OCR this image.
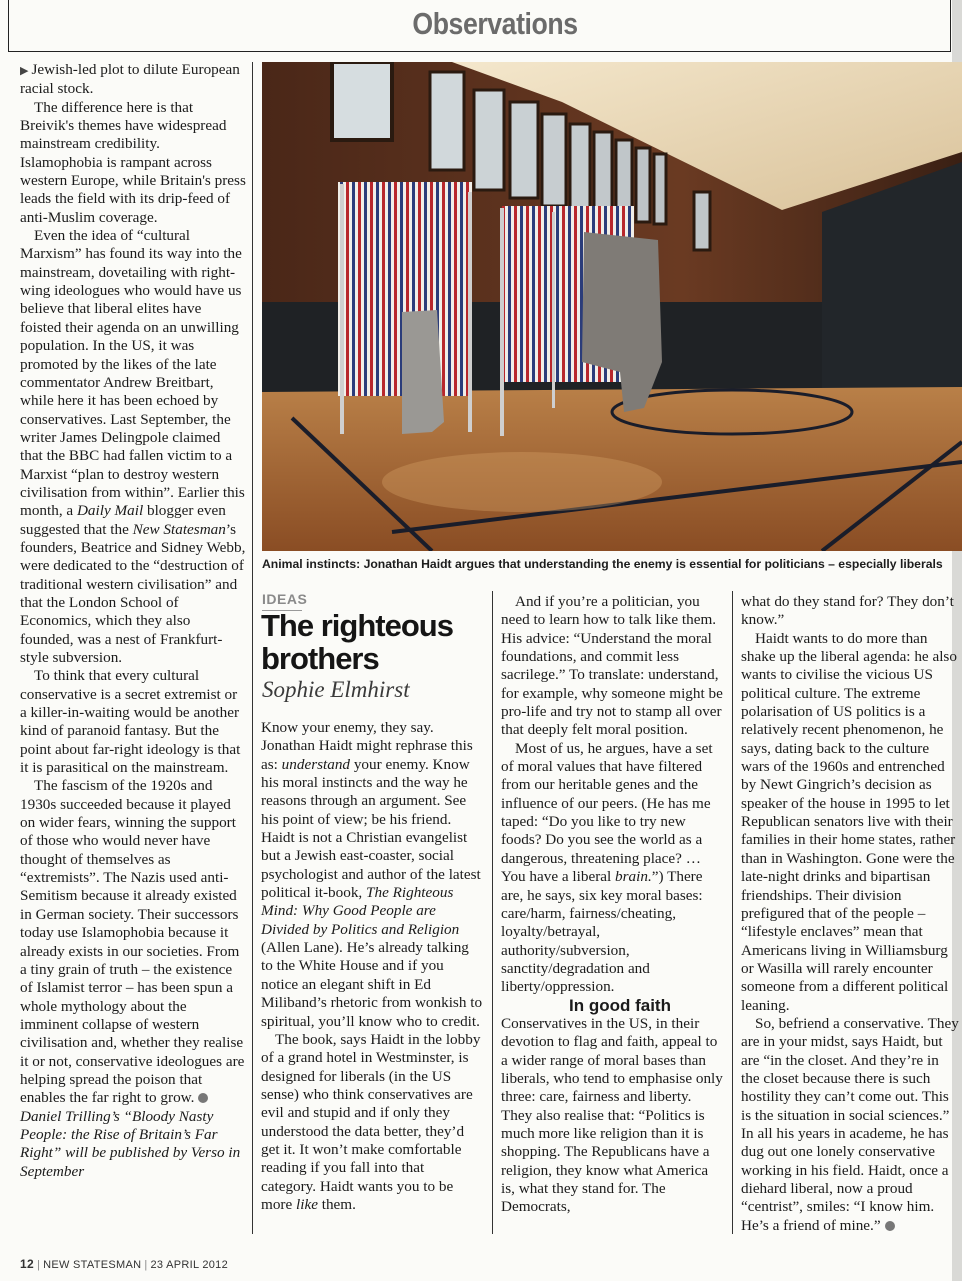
Observations

▶ Jewish-led plot to dilute European racial stock.

The difference here is that Breivik's themes have widespread mainstream credibility. Islamophobia is rampant across western Europe, while Britain's press leads the field with its drip-feed of anti-Muslim coverage.

Even the idea of “cultural Marxism” has found its way into the mainstream, dovetailing with right-wing ideologues who would have us believe that liberal elites have foisted their agenda on an unwilling population. In the US, it was promoted by the likes of the late commentator Andrew Breitbart, while here it has been echoed by conservatives. Last September, the writer James Delingpole claimed that the BBC had fallen victim to a Marxist “plan to destroy western civilisation from within”. Earlier this month, a Daily Mail blogger even suggested that the New Statesman’s founders, Beatrice and Sidney Webb, were dedicated to the “destruction of traditional western civilisation” and that the London School of Economics, which they also founded, was a nest of Frankfurt-style subversion.

To think that every cultural conservative is a secret extremist or a killer-in-waiting would be another kind of paranoid fantasy. But the point about far-right ideology is that it is parasitical on the mainstream.

The fascism of the 1920s and 1930s succeeded because it played on wider fears, winning the support of those who would never have thought of themselves as “extremists”. The Nazis used anti-Semitism because it already existed in German society. Their successors today use Islamophobia because it already exists in our societies. From a tiny grain of truth – the existence of Islamist terror – has been spun a whole mythology about the imminent collapse of western civilisation and, whether they realise it or not, conservative ideologues are helping spread the poison that enables the far right to grow.

Daniel Trilling’s “Bloody Nasty People: the Rise of Britain’s Far Right” will be published by Verso in September

Animal instincts: Jonathan Haidt argues that understanding the enemy is essential for politicians – especially liberals
IDEAS
The righteous brothers
Sophie Elmhirst

Know your enemy, they say. Jonathan Haidt might rephrase this as: understand your enemy. Know his moral instincts and the way he reasons through an argument. See his point of view; be his friend. Haidt is not a Christian evangelist but a Jewish east-coaster, social psychologist and author of the latest political it-book, The Righteous Mind: Why Good People are Divided by Politics and Religion (Allen Lane). He’s already talking to the White House and if you notice an elegant shift in Ed Miliband’s rhetoric from wonkish to spiritual, you’ll know who to credit.

The book, says Haidt in the lobby of a grand hotel in Westminster, is designed for liberals (in the US sense) who think conservatives are evil and stupid and if only they understood the data better, they’d get it. It won’t make comfortable reading if you fall into that category. Haidt wants you to be more like them.

And if you’re a politician, you need to learn how to talk like them. His advice: “Understand the moral foundations, and commit less sacrilege.” To translate: understand, for example, why someone might be pro-life and try not to stamp all over that deeply felt moral position.

Most of us, he argues, have a set of moral values that have filtered from our heritable genes and the influence of our peers. (He has me taped: “Do you like to try new foods? Do you see the world as a dangerous, threatening place? … You have a liberal brain.”) There are, he says, six key moral bases: care/harm, fairness/cheating, loyalty/betrayal, authority/subversion, sanctity/degradation and liberty/oppression.

In good faith

Conservatives in the US, in their devotion to flag and faith, appeal to a wider range of moral bases than liberals, who tend to emphasise only three: care, fairness and liberty. They also realise that: “Politics is much more like religion than it is shopping. The Republicans have a religion, they know what America is, what they stand for. The Democrats,

what do they stand for? They don’t know.”

Haidt wants to do more than shake up the liberal agenda: he also wants to civilise the vicious US political culture. The extreme polarisation of US politics is a relatively recent phenomenon, he says, dating back to the culture wars of the 1960s and entrenched by Newt Gingrich’s decision as speaker of the house in 1995 to let Republican senators live with their families in their home states, rather than in Washington. Gone were the late-night drinks and bipartisan friendships. Their division prefigured that of the people – “lifestyle enclaves” mean that Americans living in Williamsburg or Wasilla will rarely encounter someone from a different political leaning.

So, befriend a conservative. They are in your midst, says Haidt, but are “in the closet. And they’re in the closet because there is such hostility they can’t come out. This is the situation in social sciences.” In all his years in academe, he has dug out one lonely conservative working in his field. Haidt, once a diehard liberal, now a proud “centrist”, smiles: “I know him. He’s a friend of mine.”

12 | NEW STATESMAN | 23 APRIL 2012
